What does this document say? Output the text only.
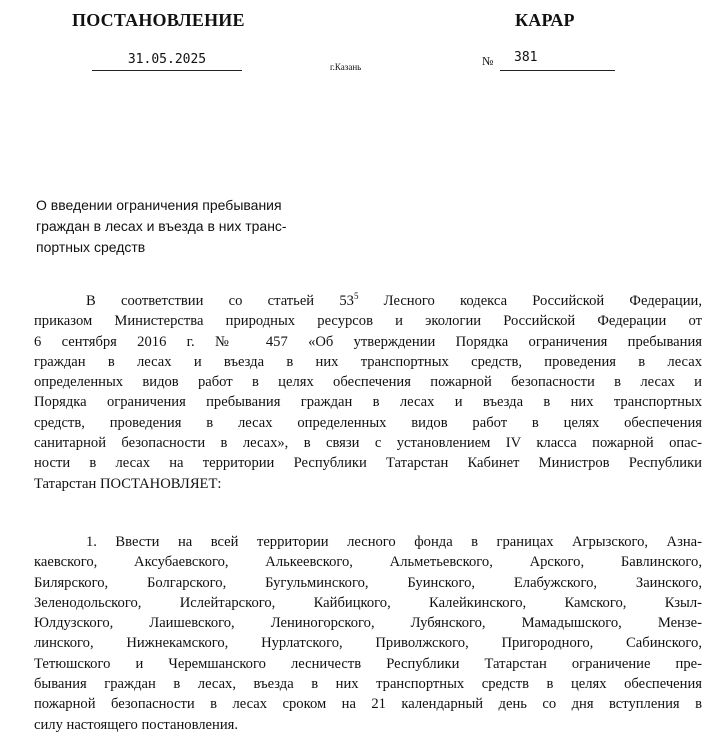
ПОСТАНОВЛЕНИЕ	КАРАР
31.05.2025	г.Казань	№ 381
О введении ограничения пребывания
граждан в лесах и въезда в них транс-
портных средств
В соответствии со статьей $53^5$ Лесного кодекса Российской Федерации,
приказом Министерства природных ресурсов и экологии Российской Федерации от
6 сентября 2016 г. № 457 «Об утверждении Порядка ограничения пребывания
граждан в лесах и въезда в них транспортных средств, проведения в лесах
определенных видов работ в целях обеспечения пожарной безопасности в лесах и
Порядка ограничения пребывания граждан в лесах и въезда в них транспортных
средств, проведения в лесах определенных видов работ в целях обеспечения
санитарной безопасности в лесах», в связи с установлением IV класса пожарной опас-
ности в лесах на территории Республики Татарстан Кабинет Министров Республики
Татарстан ПОСТАНОВЛЯЕТ:
1. Ввести на всей территории лесного фонда в границах Агрызского, Азна-
каевского, Аксубаевского, Алькеевского, Альметьевского, Арского, Бавлинского,
Билярского, Болгарского, Бугульминского, Буинского, Елабужского, Заинского,
Зеленодольского, Ислейтарского, Кайбицкого, Калейкинского, Камского, Кзыл-
Юлдузского, Лаишевского, Лениногорского, Лубянского, Мамадышского, Мензе-
линского, Нижнекамского, Нурлатского, Приволжского, Пригородного, Сабинского,
Тетюшского и Черемшанского лесничеств Республики Татарстан ограничение пре-
бывания граждан в лесах, въезда в них транспортных средств в целях обеспечения
пожарной безопасности в лесах сроком на 21 календарный день со дня вступления в
силу настоящего постановления.
